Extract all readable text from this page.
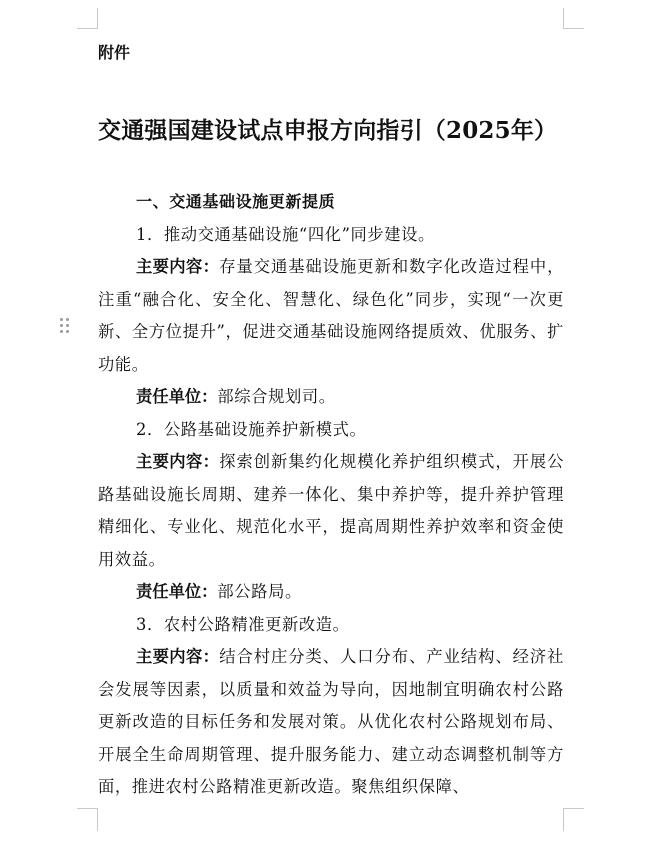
附件
交通强国建设试点申报方向指引（2025年）

一、交通基础设施更新提质

1．推动交通基础设施“四化”同步建设。

主要内容：存量交通基础设施更新和数字化改造过程中，注重“融合化、安全化、智慧化、绿色化”同步，实现“一次更新、全方位提升”，促进交通基础设施网络提质效、优服务、扩功能。

责任单位：部综合规划司。

2．公路基础设施养护新模式。

主要内容：探索创新集约化规模化养护组织模式，开展公路基础设施长周期、建养一体化、集中养护等，提升养护管理精细化、专业化、规范化水平，提高周期性养护效率和资金使用效益。

责任单位：部公路局。

3．农村公路精准更新改造。

主要内容：结合村庄分类、人口分布、产业结构、经济社会发展等因素，以质量和效益为导向，因地制宜明确农村公路更新改造的目标任务和发展对策。从优化农村公路规划布局、开展全生命周期管理、提升服务能力、建立动态调整机制等方面，推进农村公路精准更新改造。聚焦组织保障、
